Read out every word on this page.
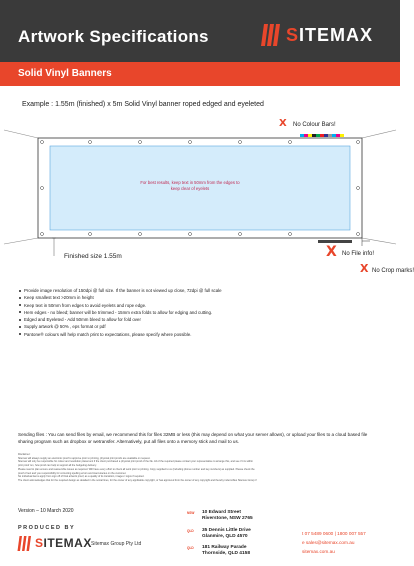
Artwork Specifications	SITEMAX
Solid Vinyl Banners
Example : 1.55m (finished) x 5m Solid Vinyl banner roped edged and eyeleted
For best results, keep text in 50mm from the edges to
keep clear of eyelets
X No Colour Bars!
X No File info!
X No Crop marks!
Finished size 1.55m
Provide image resolution of 150dpi @ full size. If the banner is not viewed up close, 72dpi @ full scale
Keep smallest text >20mm in height
Keep text in 50mm from edges to avoid eyelets and rope edge.
Hem edges - no bleed; banner will be trimmed - 15mm extra folds to allow for edging and cutting.
Edged and Eyeleted - Add 50mm bleed to allow for fold over
Supply artwork @ 50% , eps format or pdf
Pantone® colours will help match print to expectations, please specify where possible.
Sending files : You can send files by email, we recommend this for files 32MB or less (this may depend on what your server allows), or upload your files to a cloud based file sharing program such as dropbox or wetransfer. Alternatively, put all files onto a memory stick and mail to us.
Disclaimer:
Sitemax will always supply an electronic proof to approve prior to printing, physical print proofs are available on request.
Sitemax will only be responsible for colour and resolution placement if the client purchased a physical print proof of the file. All of the required please contact your representative to arrange this, and see if it is within
print proof run, how proof can help to support all the budgeting delivery.
Please read to plan ensure and reassemble issues as required. Will have every effort to check all work prior to printing. Copy supplied to us (including phone number and key numbers) as supplied. Please check the
proof of text and you responsibility for correcting spelling errors and inaccuracies on the customer.
No individual items apply from sign off of final artwork proof, as a quality of its transition, images / logos if required.
The client acknowledges that for the required design as detailed in the social lines, for the owner of any applicable copyright, or has approved from the owner of any copyright and thereby indemnifies Sitemax Group if
Version – 10 March 2020
PRODUCED BY
SITEMAX Sitemax Group Pty Ltd
NSW 10 Edward Street
Riverstone, NSW 2765
QLD 35 Dennis Little Drive
Glanmire, QLD 4570
QLD 181 Railway Parade
Thornside, QLD 4158
t 07 5489 0600 | 1800 007 557
e sales@sitemax.com.au
sitemax.com.au
